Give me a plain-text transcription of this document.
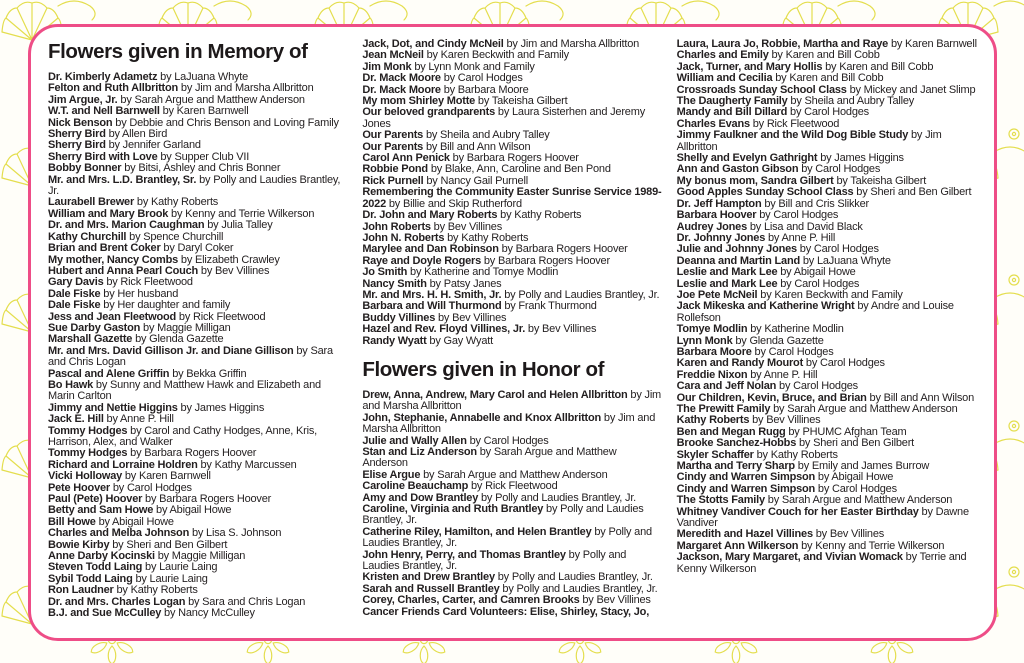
Flowers given in Memory of
Dr. Kimberly Adametz by LaJuana Whyte
Felton and Ruth Allbritton by Jim and Marsha Allbritton
Jim Argue, Jr. by Sarah Argue and Matthew Anderson
W.T. and Nell Barnwell by Karen Barnwell
Nick Benson by Debbie and Chris Benson and Loving Family
Sherry Bird by Allen Bird
Sherry Bird by Jennifer Garland
Sherry Bird with Love by Supper Club VII
Bobby Bonner by Bitsi, Ashley and Chris Bonner
Mr. and Mrs. L.D. Brantley, Sr. by Polly and Laudies Brantley, Jr.
Laurabell Brewer by Kathy Roberts
William and Mary Brook by Kenny and Terrie Wilkerson
Dr. and Mrs. Marion Caughman by Julia Talley
Kathy Churchill by Spence Churchill
Brian and Brent Coker by Daryl Coker
My mother, Nancy Combs by Elizabeth Crawley
Hubert and Anna Pearl Couch by Bev Villines
Gary Davis by Rick Fleetwood
Dale Fiske by Her husband
Dale Fiske by Her daughter and family
Jess and Jean Fleetwood by Rick Fleetwood
Sue Darby Gaston by Maggie Milligan
Marshall Gazette by Glenda Gazette
Mr. and Mrs. David Gillison Jr. and Diane Gillison by Sara and Chris Logan
Pascal and Alene Griffin by Bekka Griffin
Bo Hawk by Sunny and Matthew Hawk and Elizabeth and Marin Carlton
Jimmy and Nettie Higgins by James Higgins
Jack E. Hill by Anne P. Hill
Tommy Hodges by Carol and Cathy Hodges, Anne, Kris, Harrison, Alex, and Walker
Tommy Hodges by Barbara Rogers Hoover
Richard and Lorraine Holdren by Kathy Marcussen
Vicki Holloway by Karen Barnwell
Pete Hoover by Carol Hodges
Paul (Pete) Hoover by Barbara Rogers Hoover
Betty and Sam Howe by Abigail Howe
Bill Howe by Abigail Howe
Charles and Melba Johnson by Lisa S. Johnson
Bowie Kirby by Sheri and Ben Gilbert
Anne Darby Kocinski by Maggie Milligan
Steven Todd Laing by Laurie Laing
Sybil Todd Laing by Laurie Laing
Ron Laudner by Kathy Roberts
Dr. and Mrs. Charles Logan by Sara and Chris Logan
B.J. and Sue McCulley by Nancy McCulley
Jack, Dot, and Cindy McNeil by Jim and Marsha Allbritton
Jean McNeil by Karen Beckwith and Family
Jim Monk by Lynn Monk and Family
Dr. Mack Moore by Carol Hodges
Dr. Mack Moore by Barbara Moore
My mom Shirley Motte by Takeisha Gilbert
Our beloved grandparents by Laura Sisterhen and Jeremy Jones
Our Parents by Sheila and Aubry Talley
Our Parents by Bill and Ann Wilson
Carol Ann Penick by Barbara Rogers Hoover
Robbie Pond by Blake, Ann, Caroline and Ben Pond
Rick Purnell by Nancy Gail Purnell
Remembering the Community Easter Sunrise Service 1989-2022 by Billie and Skip Rutherford
Dr. John and Mary Roberts by Kathy Roberts
John Roberts by Bev Villines
John N. Roberts by Kathy Roberts
Marylee and Dan Robinson by Barbara Rogers Hoover
Raye and Doyle Rogers by Barbara Rogers Hoover
Jo Smith by Katherine and Tomye Modlin
Nancy Smith by Patsy Janes
Mr. and Mrs. H. H. Smith, Jr. by Polly and Laudies Brantley, Jr.
Barbara and Will Thurmond by Frank Thurmond
Buddy Villines by Bev Villines
Hazel and Rev. Floyd Villines, Jr. by Bev Villines
Randy Wyatt by Gay Wyatt
Flowers given in Honor of
Drew, Anna, Andrew, Mary Carol and Helen Allbritton by Jim and Marsha Allbritton
John, Stephanie, Annabelle and Knox Allbritton by Jim and Marsha Allbritton
Julie and Wally Allen by Carol Hodges
Stan and Liz Anderson by Sarah Argue and Matthew Anderson
Elise Argue by Sarah Argue and Matthew Anderson
Caroline Beauchamp by Rick Fleetwood
Amy and Dow Brantley by Polly and Laudies Brantley, Jr.
Caroline, Virginia and Ruth Brantley by Polly and Laudies Brantley, Jr.
Catherine Riley, Hamilton, and Helen Brantley by Polly and Laudies Brantley, Jr.
John Henry, Perry, and Thomas Brantley by Polly and Laudies Brantley, Jr.
Kristen and Drew Brantley by Polly and Laudies Brantley, Jr.
Sarah and Russell Brantley by Polly and Laudies Brantley, Jr.
Corey, Charles, Carter, and Camren Brooks by Bev Villines
Cancer Friends Card Volunteers: Elise, Shirley, Stacy, Jo,
Laura, Laura Jo, Robbie, Martha and Raye by Karen Barnwell
Charles and Emily by Karen and Bill Cobb
Jack, Turner, and Mary Hollis by Karen and Bill Cobb
William and Cecilia by Karen and Bill Cobb
Crossroads Sunday School Class by Mickey and Janet Slimp
The Daugherty Family by Sheila and Aubry Talley
Mandy and Bill Dillard by Carol Hodges
Charles Evans by Rick Fleetwood
Jimmy Faulkner and the Wild Dog Bible Study by Jim Allbritton
Shelly and Evelyn Gathright by James Higgins
Ann and Gaston Gibson by Carol Hodges
My bonus mom, Sandra Gilbert by Takeisha Gilbert
Good Apples Sunday School Class by Sheri and Ben Gilbert
Dr. Jeff Hampton by Bill and Cris Slikker
Barbara Hoover by Carol Hodges
Audrey Jones by Lisa and David Black
Dr. Johnny Jones by Anne P. Hill
Julie and Johnny Jones by Carol Hodges
Deanna and Martin Land by LaJuana Whyte
Leslie and Mark Lee by Abigail Howe
Leslie and Mark Lee by Carol Hodges
Joe Pete McNeil by Karen Beckwith and Family
Jack Mikeska and Katherine Wright by Andre and Louise Rollefson
Tomye Modlin by Katherine Modlin
Lynn Monk by Glenda Gazette
Barbara Moore by Carol Hodges
Karen and Randy Mourot by Carol Hodges
Freddie Nixon by Anne P. Hill
Cara and Jeff Nolan by Carol Hodges
Our Children, Kevin, Bruce, and Brian by Bill and Ann Wilson
The Prewitt Family by Sarah Argue and Matthew Anderson
Kathy Roberts by Bev Villines
Ben and Megan Rugg by PHUMC Afghan Team
Brooke Sanchez-Hobbs by Sheri and Ben Gilbert
Skyler Schaffer by Kathy Roberts
Martha and Terry Sharp by Emily and James Burrow
Cindy and Warren Simpson by Abigail Howe
Cindy and Warren Simpson by Carol Hodges
The Stotts Family by Sarah Argue and Matthew Anderson
Whitney Vandiver Couch for her Easter Birthday by Dawne Vandiver
Meredith and Hazel Villines by Bev Villines
Margaret Ann Wilkerson by Kenny and Terrie Wilkerson
Jackson, Mary Margaret, and Vivian Womack by Terrie and Kenny Wilkerson
